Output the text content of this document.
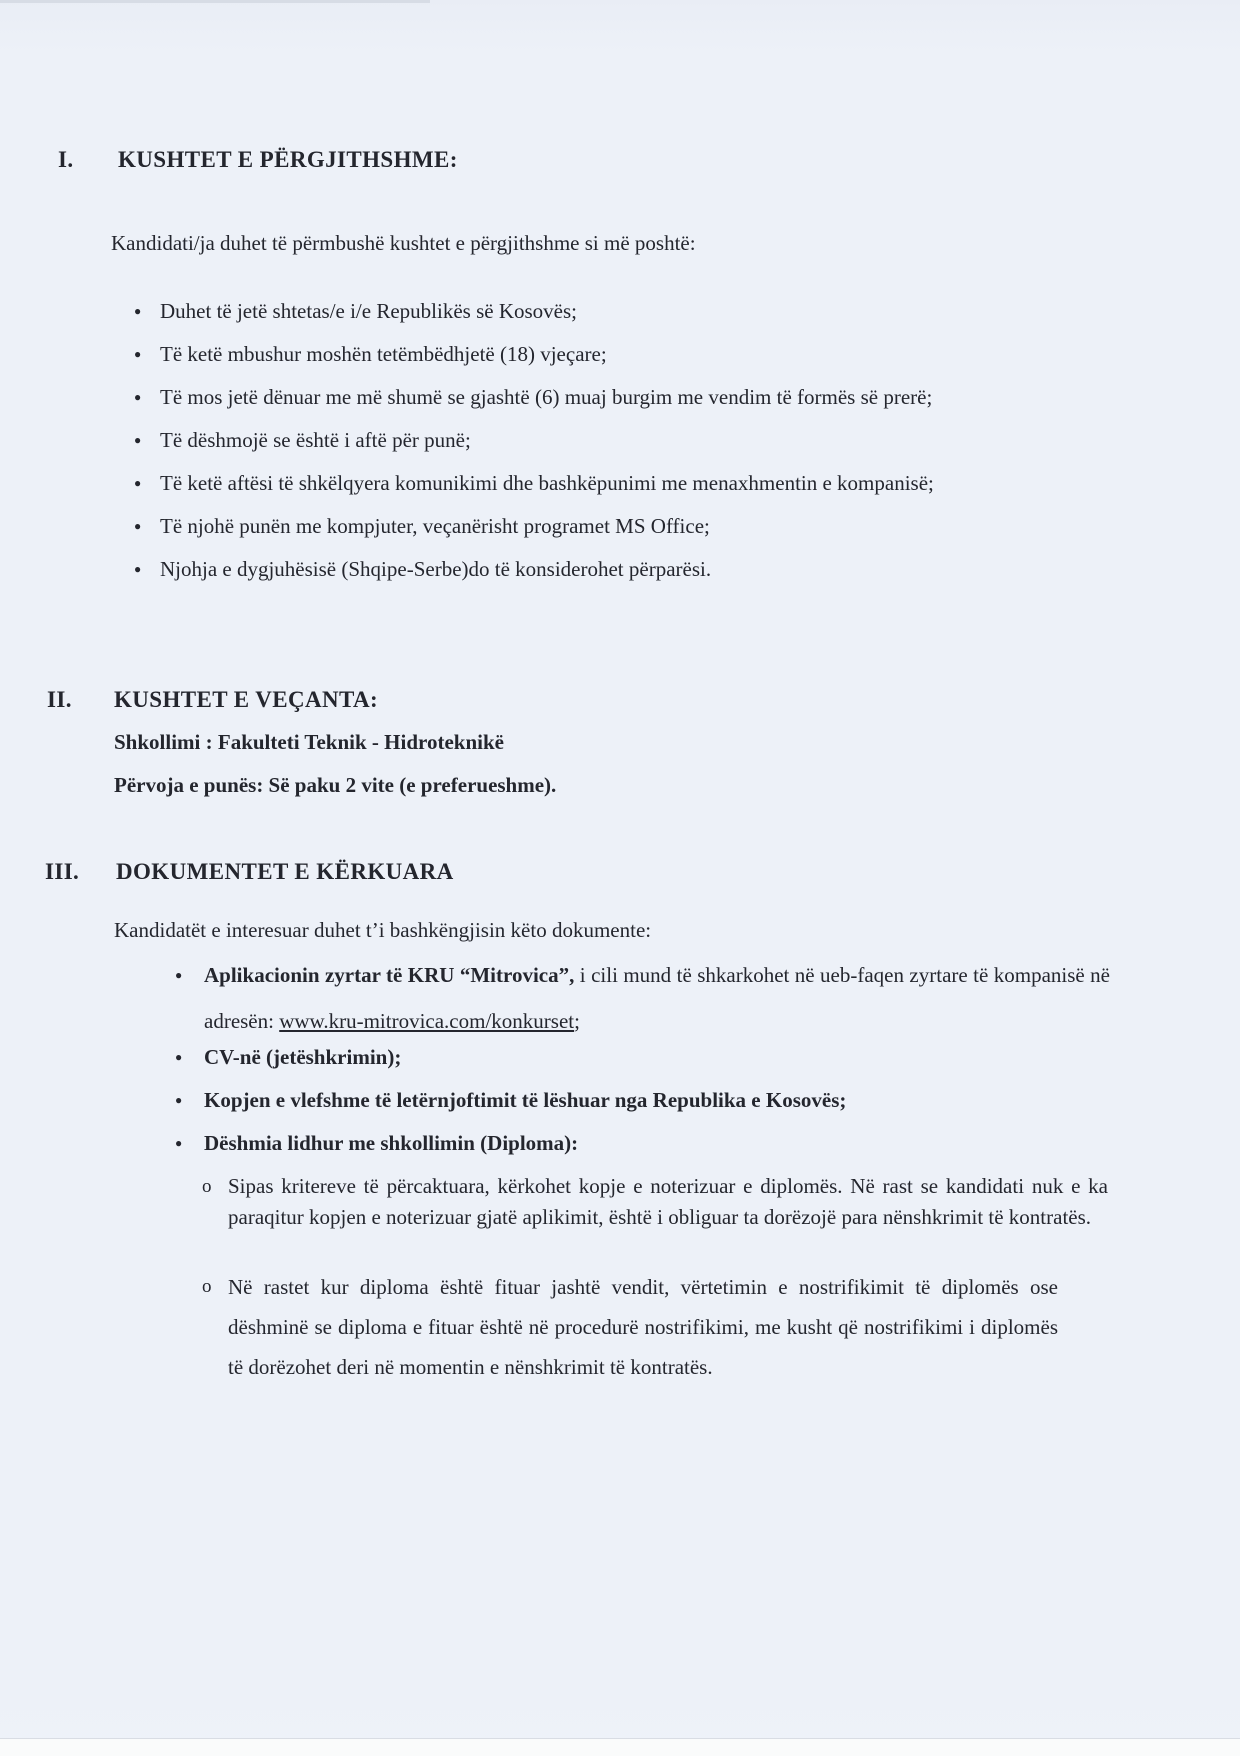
I.	KUSHTET E PËRGJITHSHME:
Kandidati/ja duhet të përmbushë kushtet e përgjithshme si më poshtë:
● Duhet të jetë shtetas/e i/e Republikës së Kosovës;
● Të ketë mbushur moshën tetëmbëdhjetë (18) vjeçare;
● Të mos jetë dënuar me më shumë se gjashtë (6) muaj burgim me vendim të formës së prerë;
● Të dëshmojë se është i aftë për punë;
● Të ketë aftësi të shkëlqyera komunikimi dhe bashkëpunimi me menaxhmentin e kompanisë;
● Të njohë punën me kompjuter, veçanërisht programet MS Office;
● Njohja e dygjuhësisë (Shqipe-Serbe)do të konsiderohet përparësi.
II.	KUSHTET E VEÇANTA:
Shkollimi : Fakulteti Teknik - Hidroteknikë
Përvoja e punës: Së paku 2 vite (e preferueshme).
III.	DOKUMENTET E KËRKUARA
Kandidatët e interesuar duhet t’i bashkëngjisin këto dokumente:
● Aplikacionin zyrtar të KRU “Mitrovica”, i cili mund të shkarkohet në ueb-faqen zyrtare të kompanisë në adresën: www.kru-mitrovica.com/konkurset;
● CV-në (jetëshkrimin);
● Kopjen e vlefshme të letërnjoftimit të lëshuar nga Republika e Kosovës;
● Dëshmia lidhur me shkollimin (Diploma):
o Sipas kritereve të përcaktuara, kërkohet kopje e noterizuar e diplomës. Në rast se kandidati nuk e ka paraqitur kopjen e noterizuar gjatë aplikimit, është i obliguar ta dorëzojë para nënshkrimit të kontratës.
o Në rastet kur diploma është fituar jashtë vendit, vërtetimin e nostrifikimit të diplomës ose dëshminë se diploma e fituar është në procedurë nostrifikimi, me kusht që nostrifikimi i diplomës të dorëzohet deri në momentin e nënshkrimit të kontratës.
